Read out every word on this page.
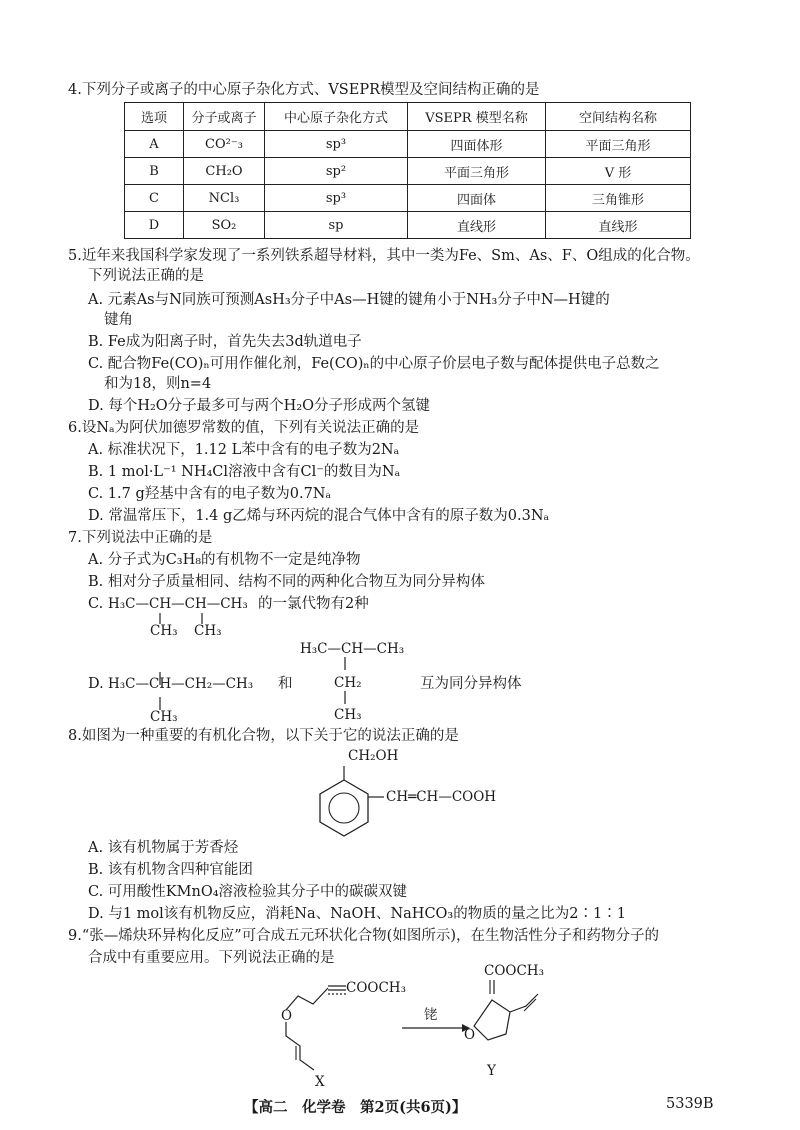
4.下列分子或离子的中心原子杂化方式、VSEPR模型及空间结构正确的是
选项	分子或离子	中心原子杂化方式	VSEPR 模型名称	空间结构名称
A	CO²⁻₃	sp³	四面体形	平面三角形
B	CH₂O	sp²	平面三角形	V 形
C	NCl₃	sp³	四面体	三角锥形
D	SO₂	sp	直线形	直线形
5.近年来我国科学家发现了一系列铁系超导材料，其中一类为Fe、Sm、As、F、O组成的化合物。
下列说法正确的是
A. 元素As与N同族可预测AsH₃分子中As—H键的键角小于NH₃分子中N—H键的
键角
B. Fe成为阳离子时，首先失去3d轨道电子
C. 配合物Fe(CO)ₙ可用作催化剂，Fe(CO)ₙ的中心原子价层电子数与配体提供电子总数之
和为18，则n=4
D. 每个H₂O分子最多可与两个H₂O分子形成两个氢键
6.设Nₐ为阿伏加德罗常数的值，下列有关说法正确的是
A. 标准状况下，1.12 L苯中含有的电子数为2Nₐ
B. 1 mol·L⁻¹ NH₄Cl溶液中含有Cl⁻的数目为Nₐ
C. 1.7 g羟基中含有的电子数为0.7Nₐ
D. 常温常压下，1.4 g乙烯与环丙烷的混合气体中含有的原子数为0.3Nₐ
7.下列说法中正确的是
A. 分子式为C₃H₈的有机物不一定是纯净物
B. 相对分子质量相同、结构不同的两种化合物互为同分异构体
C. H₃C—CH—CH—CH₃ 的一氯代物有2种
CH₃ CH₃
H₃C—CH—CH₃
D. H₃C—CH—CH₂—CH₃ 和	CH₂	互为同分异构体
CH₃	CH₃
8.如图为一种重要的有机化合物，以下关于它的说法正确的是
CH₂OH
CH═CH—COOH
A. 该有机物属于芳香烃
B. 该有机物含四种官能团
C. 可用酸性KMnO₄溶液检验其分子中的碳碳双键
D. 与1 mol该有机物反应，消耗Na、NaOH、NaHCO₃的物质的量之比为2∶1∶1
9.“张—烯炔环异构化反应”可合成五元环状化合物(如图所示)，在生物活性分子和药物分子的
合成中有重要应用。下列说法正确的是
COOCH₃
O
X
铑
COOCH₃
O
Y
【高二　化学卷　第2页(共6页)】	5339B
